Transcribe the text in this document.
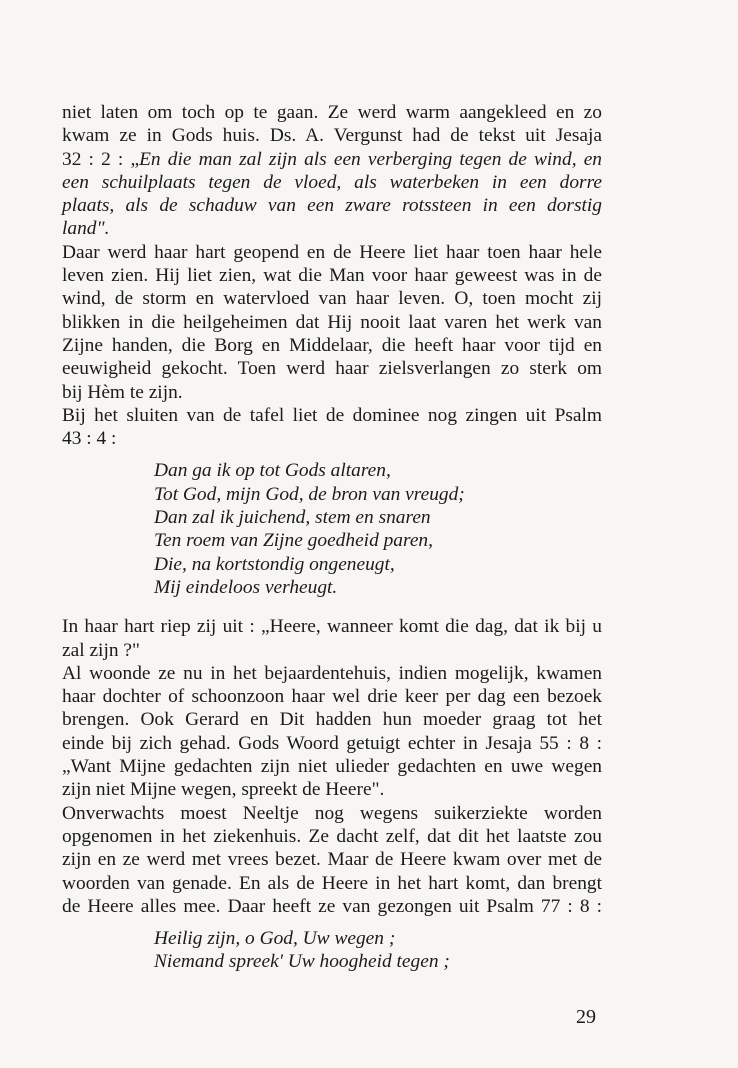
niet laten om toch op te gaan. Ze werd warm aangekleed en zo
kwam ze in Gods huis. Ds. A. Vergunst had de tekst uit Jesaja
32 : 2 : „En die man zal zijn als een verberging tegen de wind, en
een schuilplaats tegen de vloed, als waterbeken in een dorre
plaats, als de schaduw van een zware rotssteen in een dorstig
land".
Daar werd haar hart geopend en de Heere liet haar toen haar hele
leven zien. Hij liet zien, wat die Man voor haar geweest was in de
wind, de storm en watervloed van haar leven. O, toen mocht zij
blikken in die heilgeheimen dat Hij nooit laat varen het werk van
Zijne handen, die Borg en Middelaar, die heeft haar voor tijd en
eeuwigheid gekocht. Toen werd haar zielsverlangen zo sterk om
bij Hèm te zijn.
Bij het sluiten van de tafel liet de dominee nog zingen uit Psalm
43 : 4 :
Dan ga ik op tot Gods altaren,
Tot God, mijn God, de bron van vreugd;
Dan zal ik juichend, stem en snaren
Ten roem van Zijne goedheid paren,
Die, na kortstondig ongeneugt,
Mij eindeloos verheugt.
In haar hart riep zij uit : „Heere, wanneer komt die dag, dat ik bij u
zal zijn ?"
Al woonde ze nu in het bejaardentehuis, indien mogelijk, kwamen
haar dochter of schoonzoon haar wel drie keer per dag een bezoek
brengen. Ook Gerard en Dit hadden hun moeder graag tot het
einde bij zich gehad. Gods Woord getuigt echter in Jesaja 55 : 8 :
„Want Mijne gedachten zijn niet ulieder gedachten en uwe wegen
zijn niet Mijne wegen, spreekt de Heere".
Onverwachts moest Neeltje nog wegens suikerziekte worden
opgenomen in het ziekenhuis. Ze dacht zelf, dat dit het laatste zou
zijn en ze werd met vrees bezet. Maar de Heere kwam over met de
woorden van genade. En als de Heere in het hart komt, dan brengt
de Heere alles mee. Daar heeft ze van gezongen uit Psalm 77 : 8 :
Heilig zijn, o God, Uw wegen ;
Niemand spreek' Uw hoogheid tegen ;
29
